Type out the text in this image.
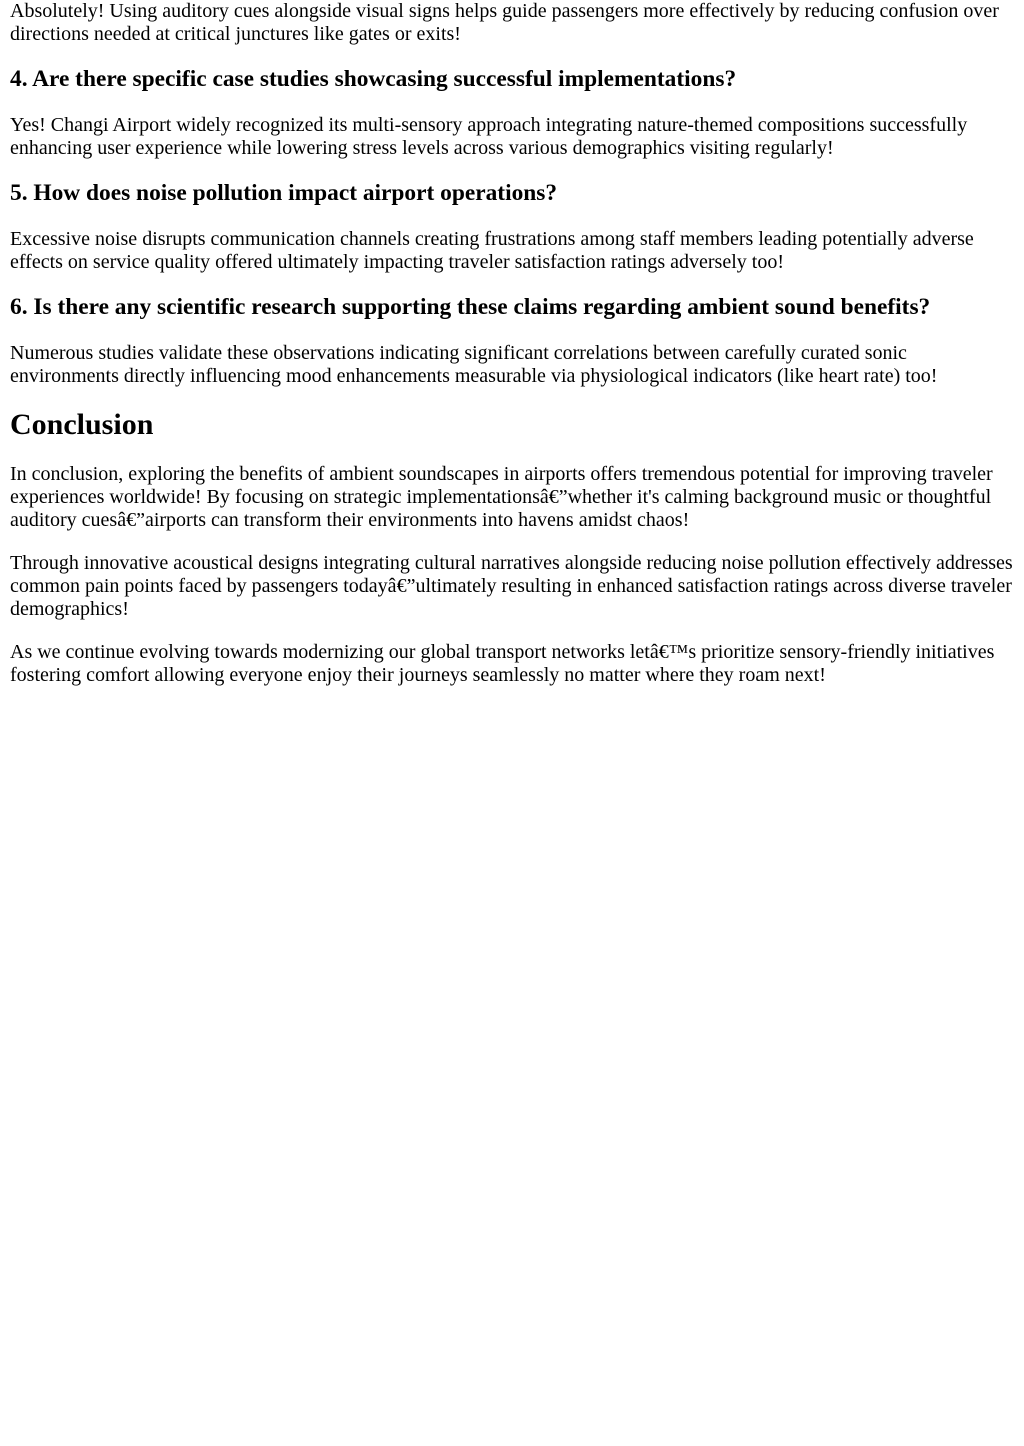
Absolutely! Using auditory cues alongside visual signs helps guide passengers more effectively by reducing confusion over directions needed at critical junctures like gates or exits!

4. Are there specific case studies showcasing successful implementations?

Yes! Changi Airport widely recognized its multi-sensory approach integrating nature-themed compositions successfully enhancing user experience while lowering stress levels across various demographics visiting regularly!

5. How does noise pollution impact airport operations?

Excessive noise disrupts communication channels creating frustrations among staff members leading potentially adverse effects on service quality offered ultimately impacting traveler satisfaction ratings adversely too!

6. Is there any scientific research supporting these claims regarding ambient sound benefits?

Numerous studies validate these observations indicating significant correlations between carefully curated sonic environments directly influencing mood enhancements measurable via physiological indicators (like heart rate) too!

Conclusion

In conclusion, exploring the benefits of ambient soundscapes in airports offers tremendous potential for improving traveler experiences worldwide! By focusing on strategic implementationsâ€”whether it's calming background music or thoughtful auditory cuesâ€”airports can transform their environments into havens amidst chaos!

Through innovative acoustical designs integrating cultural narratives alongside reducing noise pollution effectively addresses common pain points faced by passengers todayâ€”ultimately resulting in enhanced satisfaction ratings across diverse traveler demographics!

As we continue evolving towards modernizing our global transport networks letâ€™s prioritize sensory-friendly initiatives fostering comfort allowing everyone enjoy their journeys seamlessly no matter where they roam next!
